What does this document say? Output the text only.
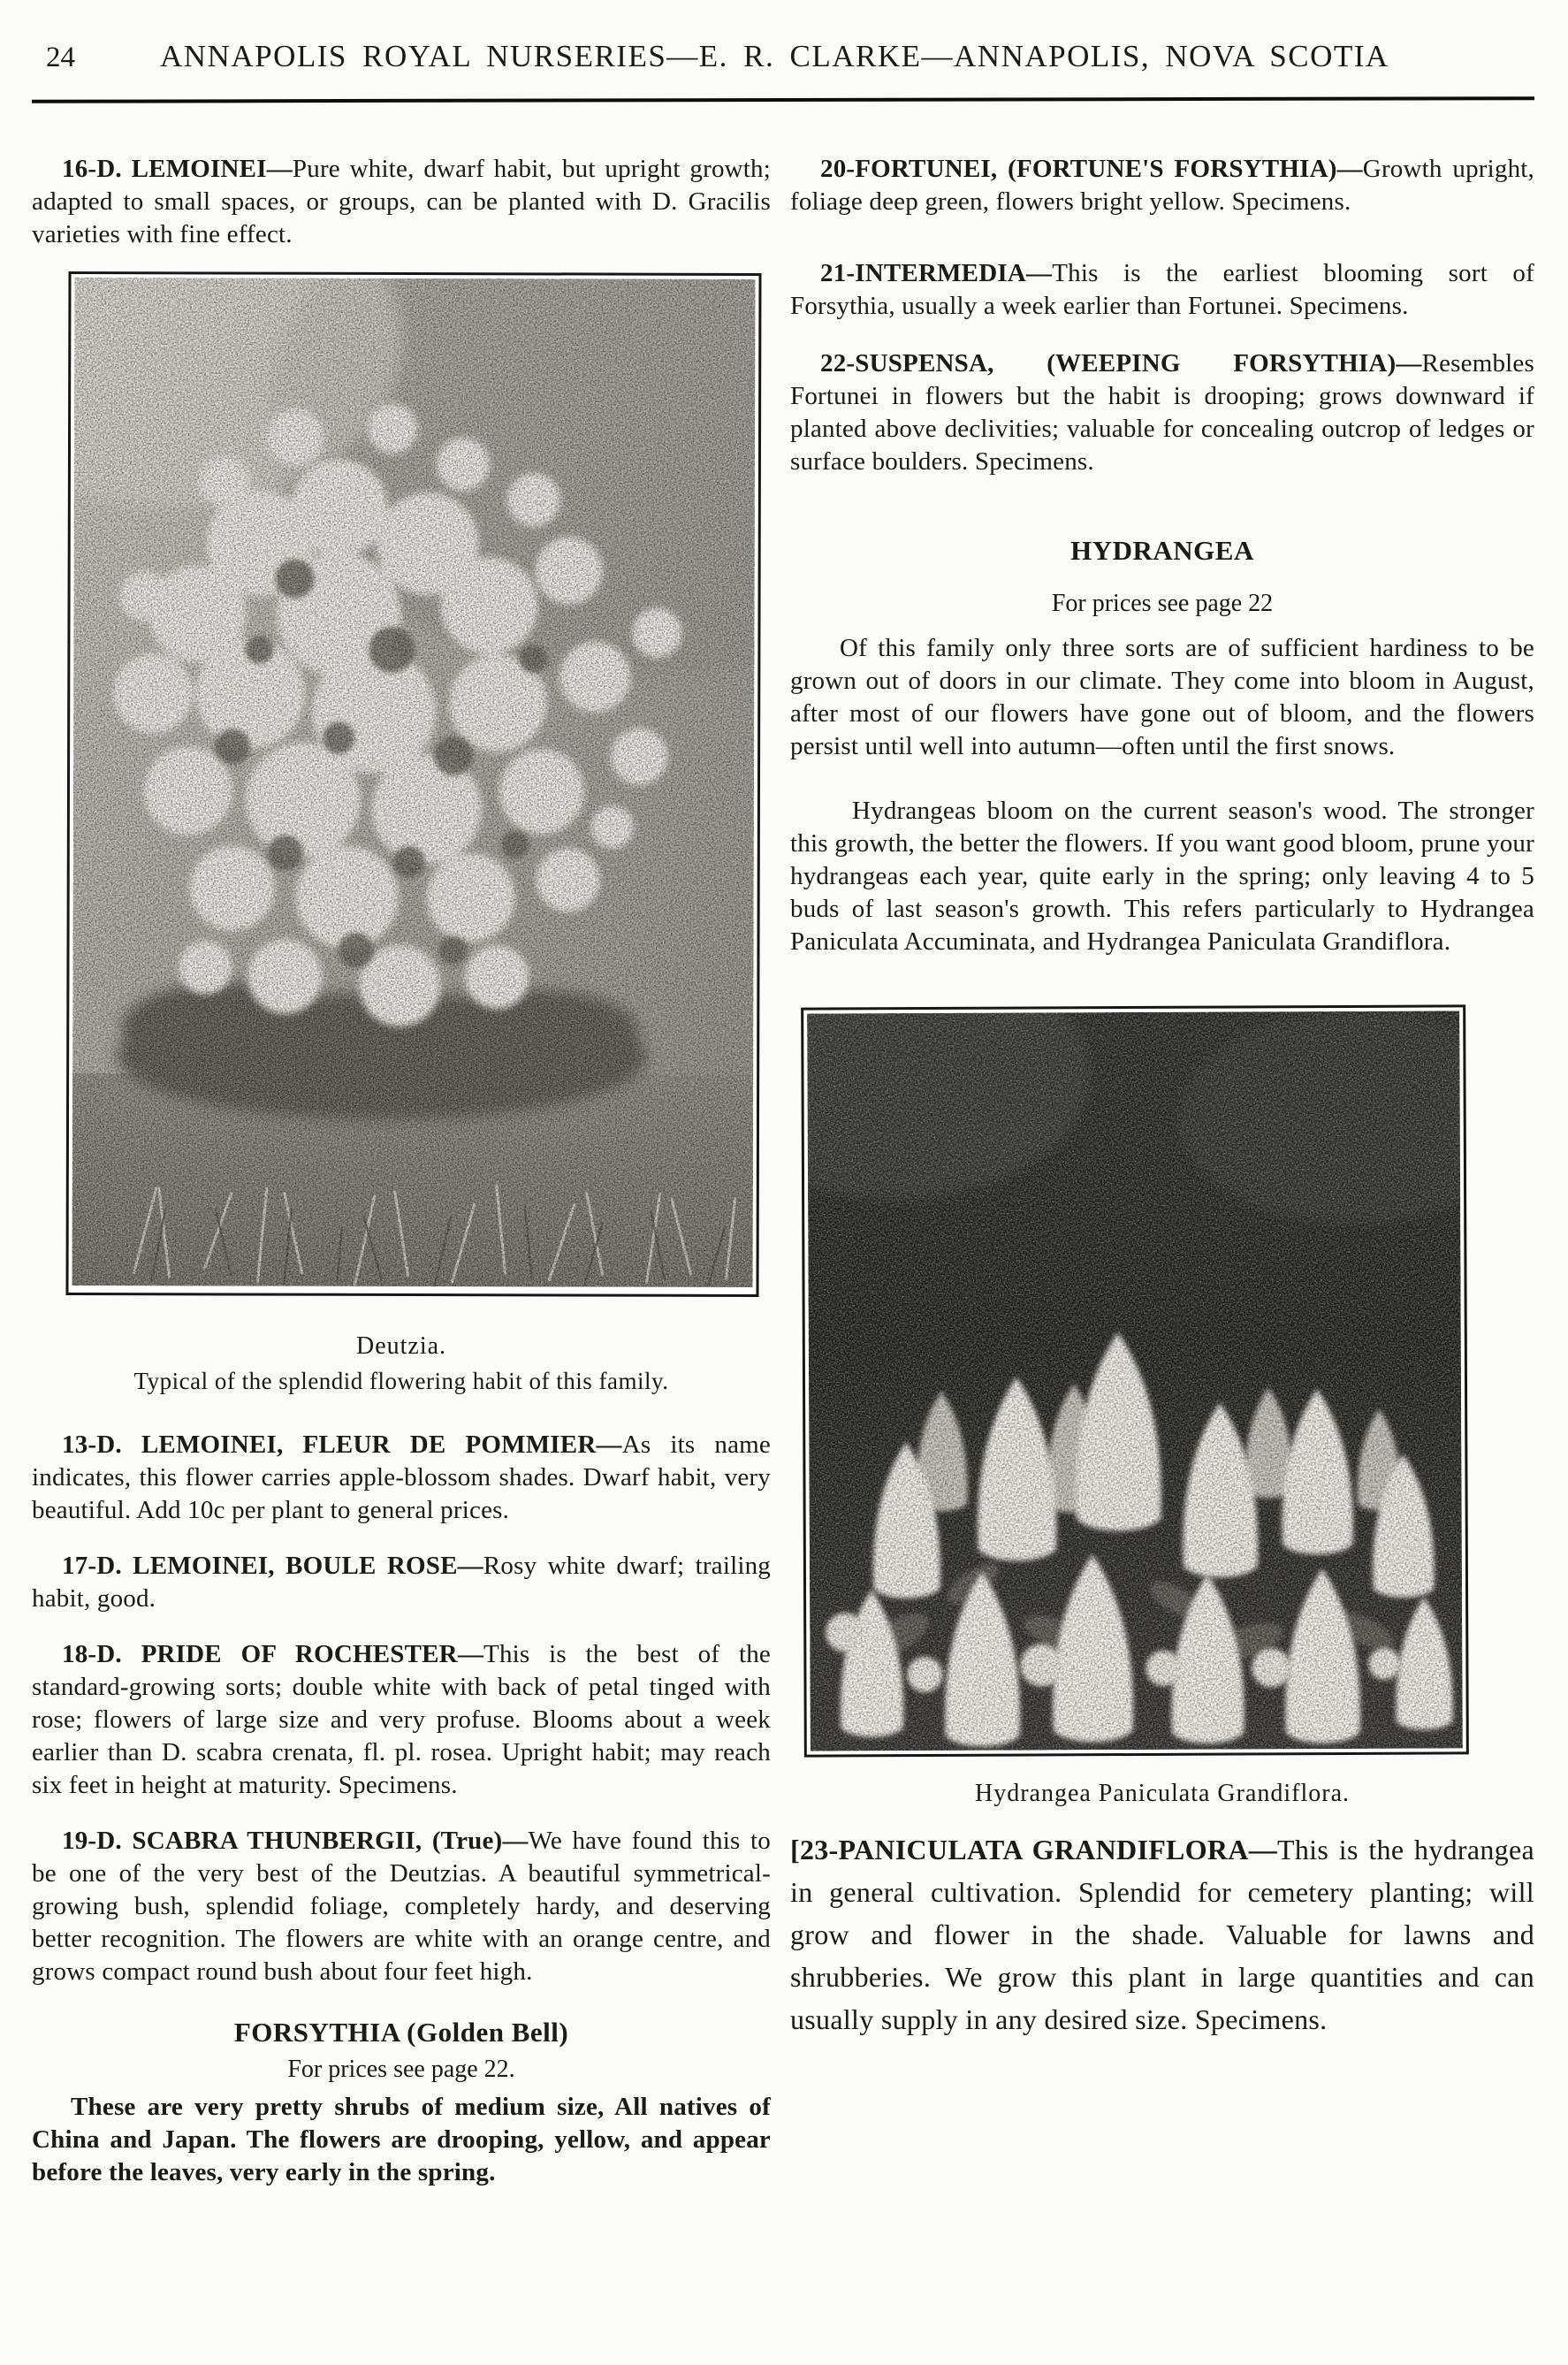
24	ANNAPOLIS ROYAL NURSERIES—E. R. CLARKE—ANNAPOLIS, NOVA SCOTIA

16-D. LEMOINEI—Pure white, dwarf habit, but upright growth; adapted to small spaces, or groups, can be planted with D. Gracilis varieties with fine effect.

Deutzia.
Typical of the splendid flowering habit of this family.

13-D. LEMOINEI, FLEUR DE POMMIER—As its name indicates, this flower carries apple-blossom shades. Dwarf habit, very beautiful. Add 10c per plant to general prices.

17-D. LEMOINEI, BOULE ROSE—Rosy white dwarf; trailing habit, good.

18-D. PRIDE OF ROCHESTER—This is the best of the standard-growing sorts; double white with back of petal tinged with rose; flowers of large size and very profuse. Blooms about a week earlier than D. scabra crenata, fl. pl. rosea. Upright habit; may reach six feet in height at maturity. Specimens.

19-D. SCABRA THUNBERGII, (True)—We have found this to be one of the very best of the Deutzias. A beautiful symmetrical-growing bush, splendid foliage, completely hardy, and deserving better recognition. The flowers are white with an orange centre, and grows compact round bush about four feet high.

FORSYTHIA (Golden Bell)
For prices see page 22.

These are very pretty shrubs of medium size, All natives of China and Japan. The flowers are drooping, yellow, and appear before the leaves, very early in the spring.

20-FORTUNEI, (FORTUNE'S FORSYTHIA)—Growth upright, foliage deep green, flowers bright yellow. Specimens.

21-INTERMEDIA—This is the earliest blooming sort of Forsythia, usually a week earlier than Fortunei. Specimens.

22-SUSPENSA, (WEEPING FORSYTHIA)—Resembles Fortunei in flowers but the habit is drooping; grows downward if planted above declivities; valuable for concealing outcrop of ledges or surface boulders. Specimens.

HYDRANGEA
For prices see page 22

Of this family only three sorts are of sufficient hardiness to be grown out of doors in our climate. They come into bloom in August, after most of our flowers have gone out of bloom, and the flowers persist until well into autumn—often until the first snows.

Hydrangeas bloom on the current season's wood. The stronger this growth, the better the flowers. If you want good bloom, prune your hydrangeas each year, quite early in the spring; only leaving 4 to 5 buds of last season's growth. This refers particularly to Hydrangea Paniculata Accuminata, and Hydrangea Paniculata Grandiflora.

Hydrangea Paniculata Grandiflora.

[23-PANICULATA GRANDIFLORA—This is the hydrangea in general cultivation. Splendid for cemetery planting; will grow and flower in the shade. Valuable for lawns and shrubberies. We grow this plant in large quantities and can usually supply in any desired size. Specimens.
